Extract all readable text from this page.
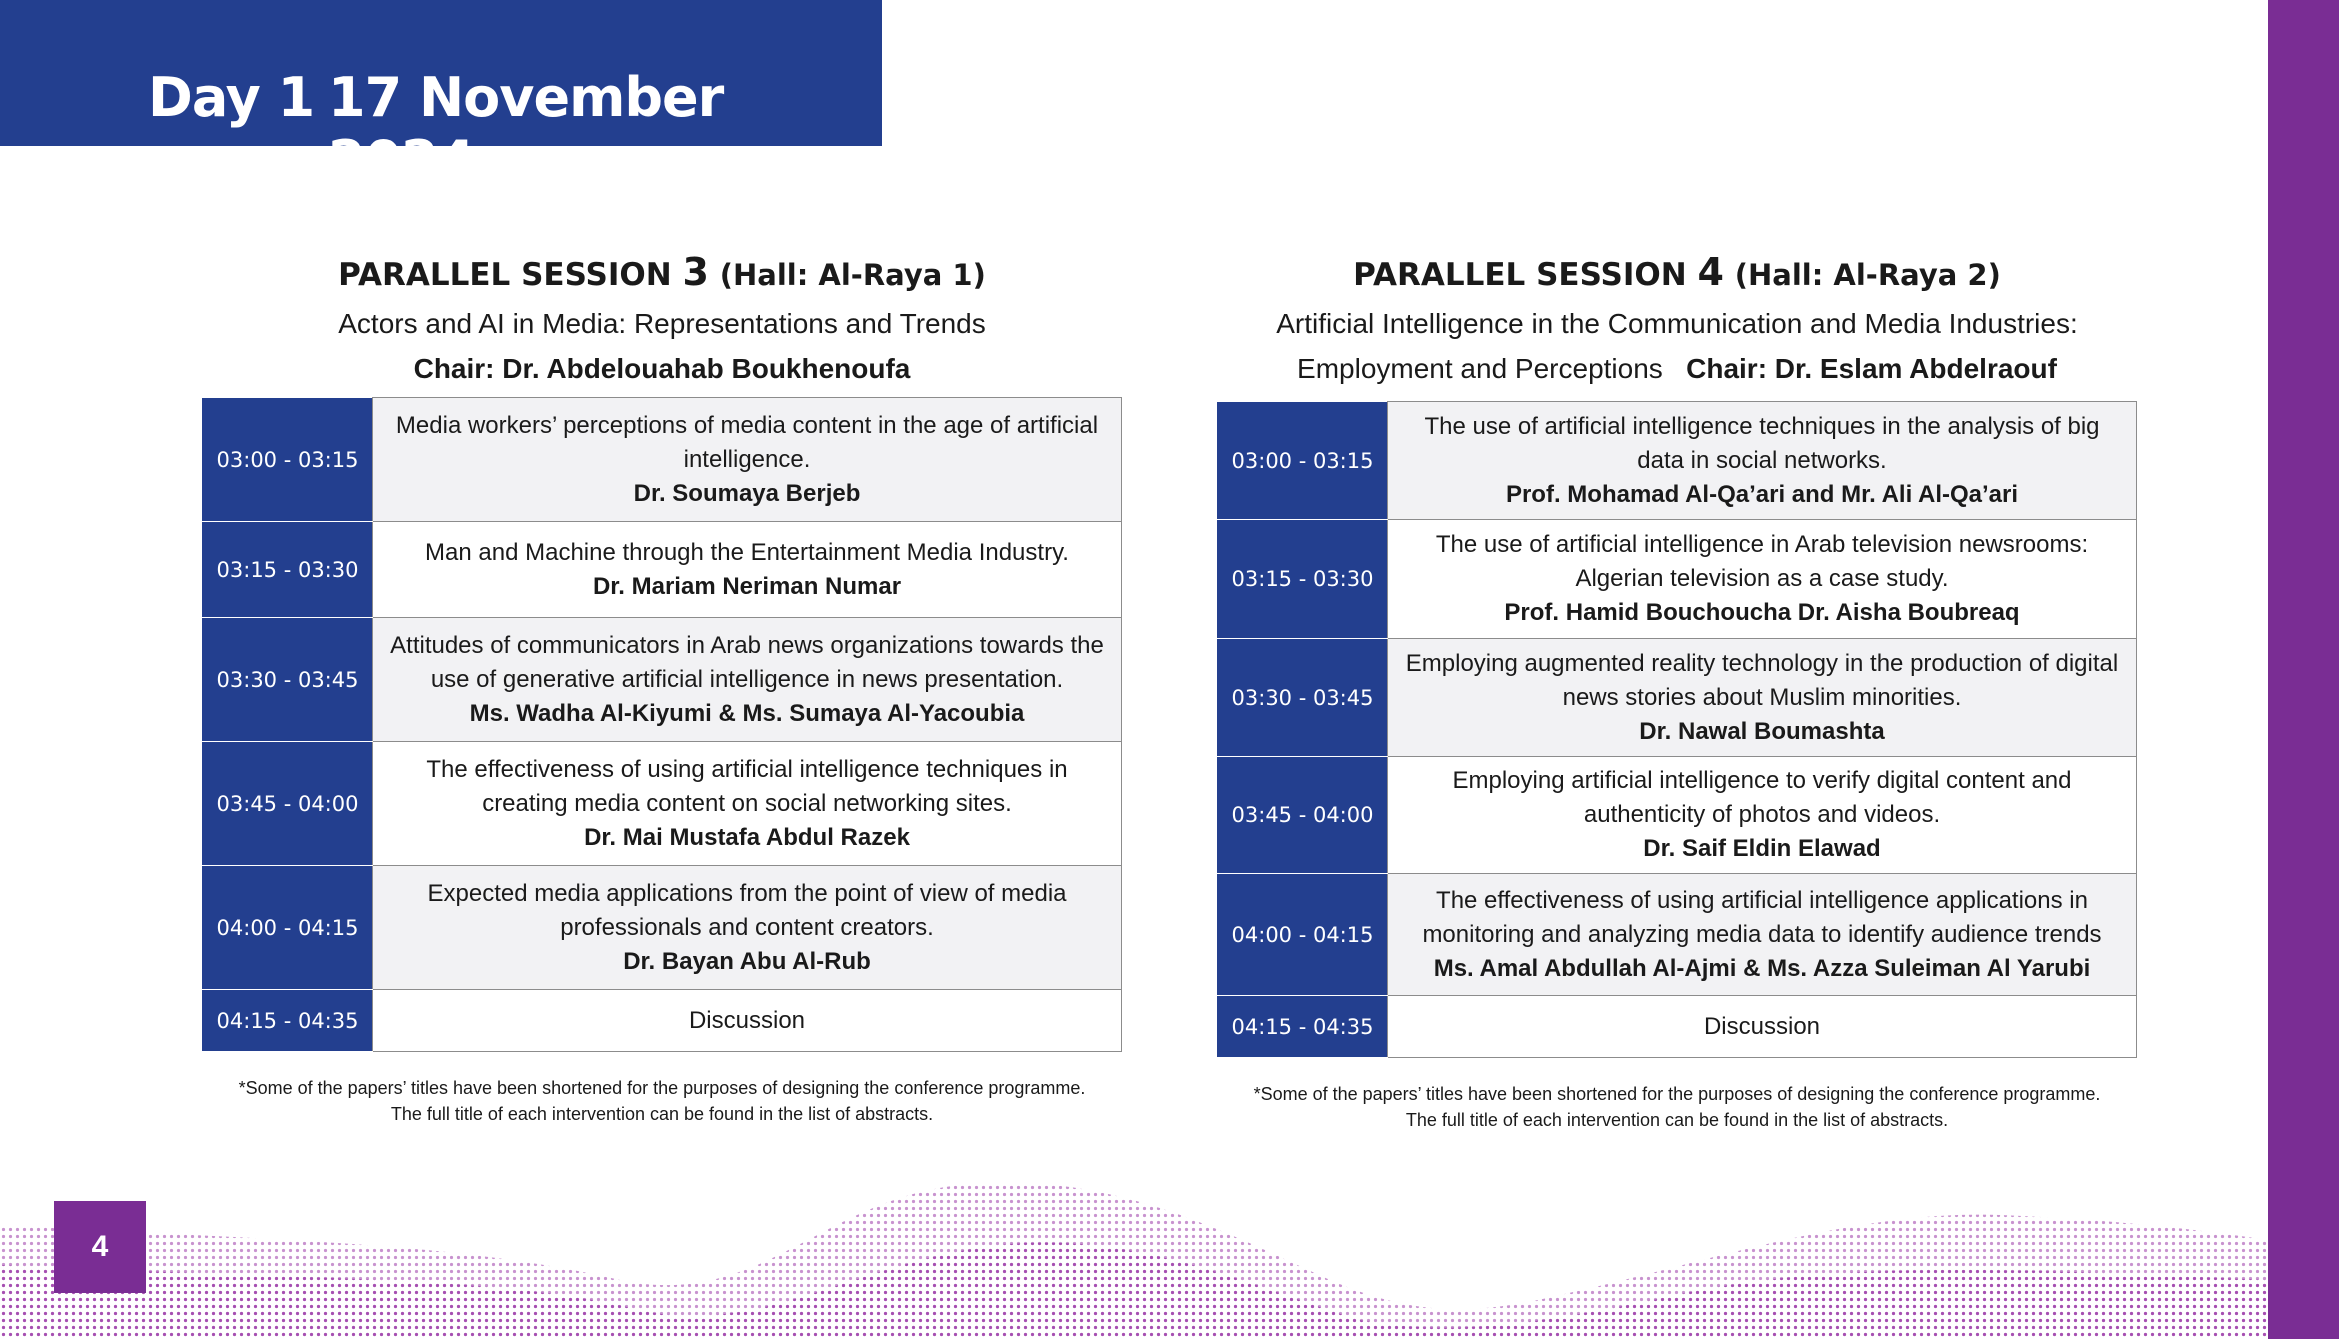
Day 1 17 November 2024
PARALLEL SESSION 3 (Hall: Al-Raya 1)
Actors and AI in Media: Representations and Trends
Chair: Dr. Abdelouahab Boukhenoufa
03:00 - 03:15	Media workers’ perceptions of media content in the age of artificial intelligence.
Dr. Soumaya Berjeb

03:15 - 03:30	Man and Machine through the Entertainment Media Industry.
Dr. Mariam Neriman Numar

03:30 - 03:45	Attitudes of communicators in Arab news organizations towards the use of generative artificial intelligence in news presentation.
Ms. Wadha Al-Kiyumi & Ms. Sumaya Al-Yacoubia

03:45 - 04:00	The effectiveness of using artificial intelligence techniques in creating media content on social networking sites.
Dr. Mai Mustafa Abdul Razek

04:00 - 04:15	Expected media applications from the point of view of media professionals and content creators.
Dr. Bayan Abu Al-Rub

04:15 - 04:35	Discussion
*Some of the papers’ titles have been shortened for the purposes of designing the conference programme.
The full title of each intervention can be found in the list of abstracts.
PARALLEL SESSION 4 (Hall: Al-Raya 2)
Artificial Intelligence in the Communication and Media Industries:
Employment and Perceptions Chair: Dr. Eslam Abdelraouf
03:00 - 03:15	The use of artificial intelligence techniques in the analysis of big data in social networks.
Prof. Mohamad Al-Qa’ari and Mr. Ali Al-Qa’ari

03:15 - 03:30	The use of artificial intelligence in Arab television newsrooms: Algerian television as a case study.
Prof. Hamid Bouchoucha Dr. Aisha Boubreaq

03:30 - 03:45	Employing augmented reality technology in the production of digital news stories about Muslim minorities.
Dr. Nawal Boumashta

03:45 - 04:00	Employing artificial intelligence to verify digital content and authenticity of photos and videos.
Dr. Saif Eldin Elawad

04:00 - 04:15	The effectiveness of using artificial intelligence applications in monitoring and analyzing media data to identify audience trends
Ms. Amal Abdullah Al-Ajmi & Ms. Azza Suleiman Al Yarubi

04:15 - 04:35	Discussion
*Some of the papers’ titles have been shortened for the purposes of designing the conference programme.
The full title of each intervention can be found in the list of abstracts.
4
